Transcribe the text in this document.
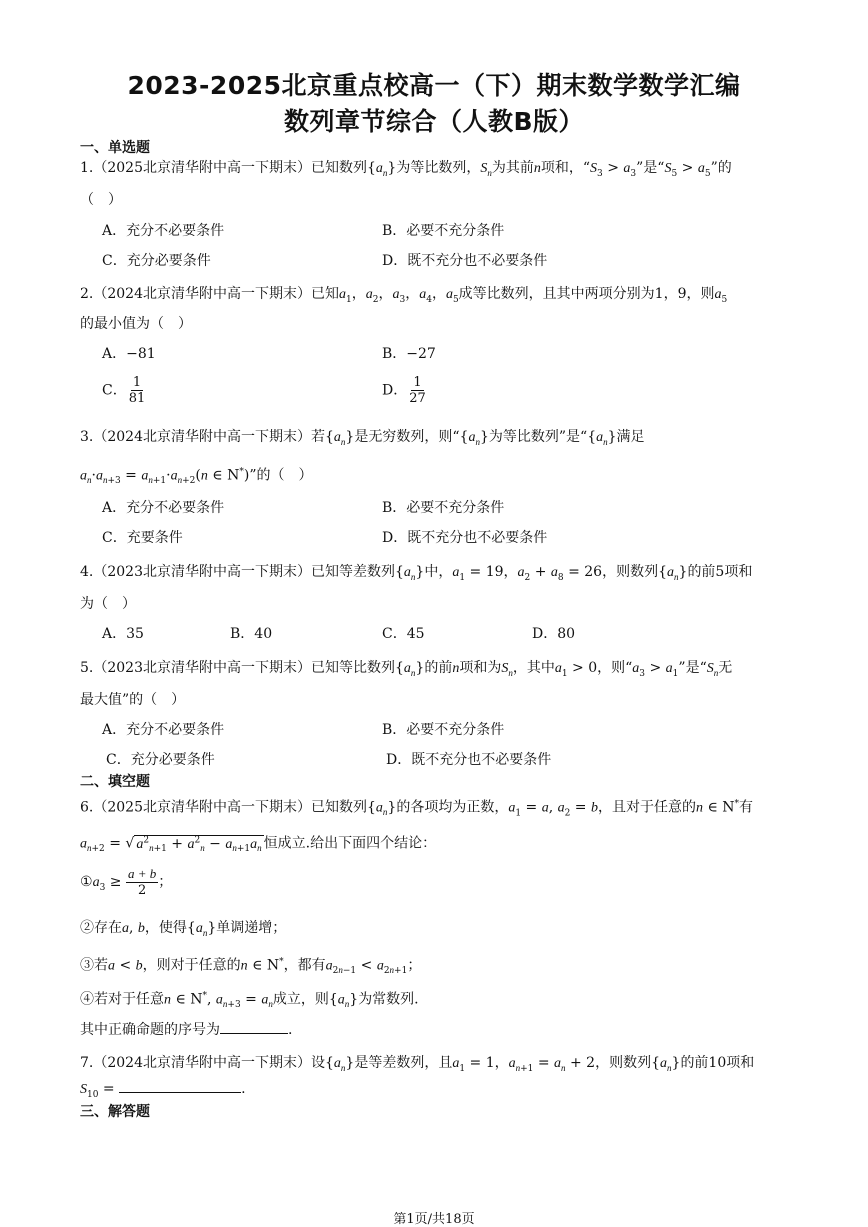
2023-2025北京重点校高一（下）期末数学数学汇编
数列章节综合（人教B版）
一、单选题
1.（2025北京清华附中高一下期末）已知数列$\{a_n\}$为等比数列，$S_n$为其前n项和，“$S_3 > a_3$”是“$S_5 > a_5$”的
（　）
A．充分不必要条件	B．必要不充分条件
C．充分必要条件	D．既不充分也不必要条件
2.（2024北京清华附中高一下期末）已知$a_1$，$a_2$，$a_3$，$a_4$，$a_5$成等比数列，且其中两项分别为1，9，则$a_5$
的最小值为（　）
A．−81	B．−27
C． $\frac{1}{81}$	D． $\frac{1}{27}$
3.（2024北京清华附中高一下期末）若$\{a_n\}$是无穷数列，则“$\{a_n\}$为等比数列”是“$\{a_n\}$满足
$a_n\cdot a_{n+3} = a_{n+1}\cdot a_{n+2}(n$ ∈ N*)”的（　）
A．充分不必要条件	B．必要不充分条件
C．充要条件	D．既不充分也不必要条件
4.（2023北京清华附中高一下期末）已知等差数列$\{a_n\}$中，$a_1 = 19$，$a_2 + a_8 = 26$，则数列$\{a_n\}$的前5项和
为（　）
A．35	B．40	C．45	D．80
5.（2023北京清华附中高一下期末）已知等比数列$\{a_n\}$的前n项和为$S_n$，其中$a_1 > 0$，则“$a_3 > a_1$”是“$S_n$无
最大值”的（　）
A．充分不必要条件	B．必要不充分条件
C．充分必要条件	D．既不充分也不必要条件
二、填空题
6.（2025北京清华附中高一下期末）已知数列$\{a_n\}$的各项均为正数，$a_1 = a$, $a_2 = b$，且对于任意的n ∈ N*有
$a_{n+2}$ = √ $a^2_{n+1} + a^2_n - a_{n+1}a_n$ 恒成立.给出下面四个结论：
$①a_3 \ge \frac{a + b}{2}$ ；
②存在a, b，使得$\{a_n\}$单调递增；
③若a < b，则对于任意的n ∈ N*，都有$a_{2n-1} < a_{2n+1}$；
④若对于任意n ∈ N*, $a_{n+3} = a_n$成立，则$\{a_n\}$为常数列.
其中正确命题的序号为	.
7.（2024北京清华附中高一下期末）设$\{a_n\}$是等差数列，且$a_1 = 1$，$a_{n+1} = a_n + 2$，则数列$\{a_n\}$的前10项和
$S_{10}$ =	.
三、解答题
第1页/共18页
